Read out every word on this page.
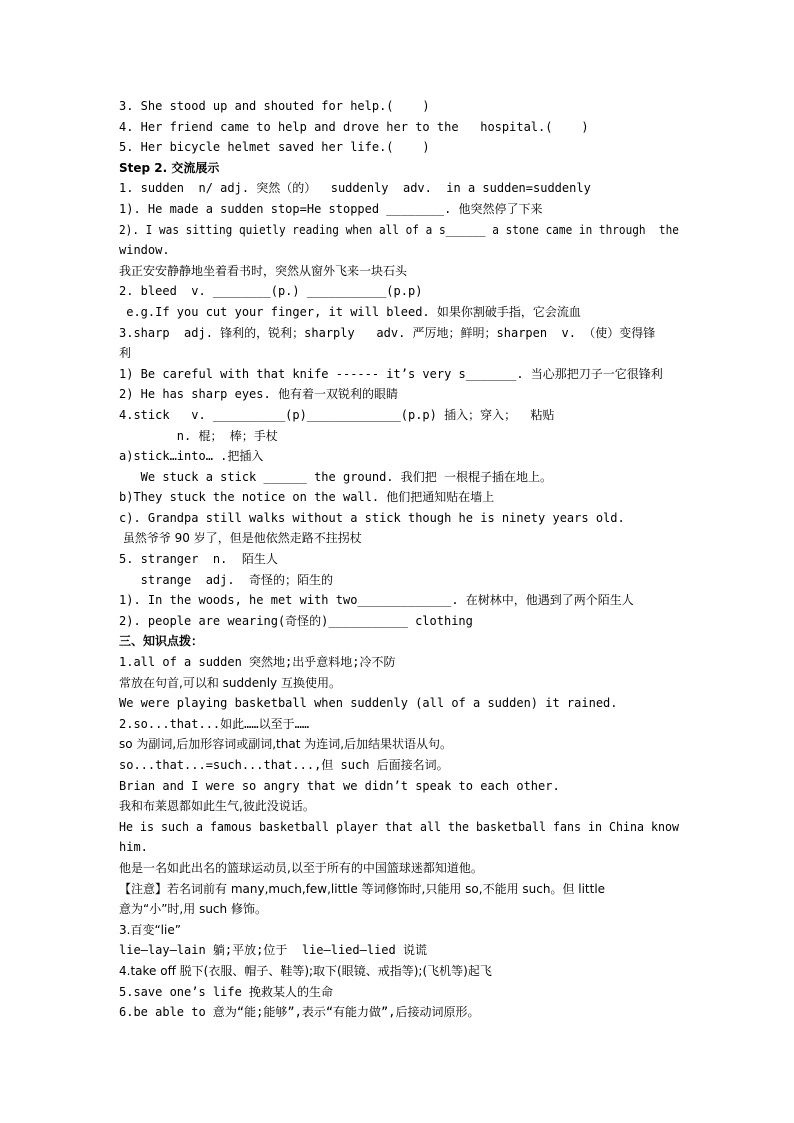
3. She stood up and shouted for help.(    )
4. Her friend came to help and drove her to the   hospital.(    )
5. Her bicycle helmet saved her life.(    )
Step 2. 交流展示
1. sudden  n/ adj. 突然（的）  suddenly  adv.  in a sudden=suddenly
1). He made a sudden stop=He stopped ________. 他突然停了下来
2). I was sitting quietly reading when all of a s______ a stone came in through  the
window.
我正安安静静地坐着看书时，突然从窗外飞来一块石头
2. bleed  v. ________(p.) ___________(p.p)
e.g.If you cut your finger, it will bleed. 如果你割破手指，它会流血
3.sharp  adj. 锋利的，锐利；sharply   adv. 严厉地；鲜明；sharpen  v. （使）变得锋
利
1) Be careful with that knife ------ it’s very s_______. 当心那把刀子一它很锋利
2) He has sharp eyes. 他有着一双锐利的眼睛
4.stick   v. __________(p)_____________(p.p) 插入；穿入；  粘贴
n. 棍； 棒；手杖
a)stick…into… .把插入
We stuck a stick ______ the ground. 我们把 一根棍子插在地上。
b)They stuck the notice on the wall. 他们把通知贴在墙上
c). Grandpa still walks without a stick though he is ninety years old.
虽然爷爷 90 岁了，但是他依然走路不拄拐杖
5. stranger  n.  陌生人
strange  adj.  奇怪的；陌生的
1). In the woods, he met with two_____________. 在树林中，他遇到了两个陌生人
2). people are wearing(奇怪的)___________ clothing
三、知识点拨：
1.all of a sudden 突然地;出乎意料地;冷不防
常放在句首,可以和 suddenly 互换使用。
We were playing basketball when suddenly (all of a sudden) it rained.
2.so...that...如此……以至于……
so 为副词,后加形容词或副词,that 为连词,后加结果状语从句。
so...that...=such...that...,但 such 后面接名词。
Brian and I were so angry that we didn’t speak to each other.
我和布莱恩都如此生气,彼此没说话。
He is such a famous basketball player that all the basketball fans in China know
him.
他是一名如此出名的篮球运动员,以至于所有的中国篮球迷都知道他。
【注意】若名词前有 many,much,few,little 等词修饰时,只能用 so,不能用 such。但 little
意为“小”时,用 such 修饰。
3.百变“lie”
lie—lay—lain 躺;平放;位于  lie—lied—lied 说谎
4.take off 脱下(衣服、帽子、鞋等);取下(眼镜、戒指等);(飞机等)起飞
5.save one’s life 挽救某人的生命
6.be able to 意为“能;能够”,表示“有能力做”,后接动词原形。
